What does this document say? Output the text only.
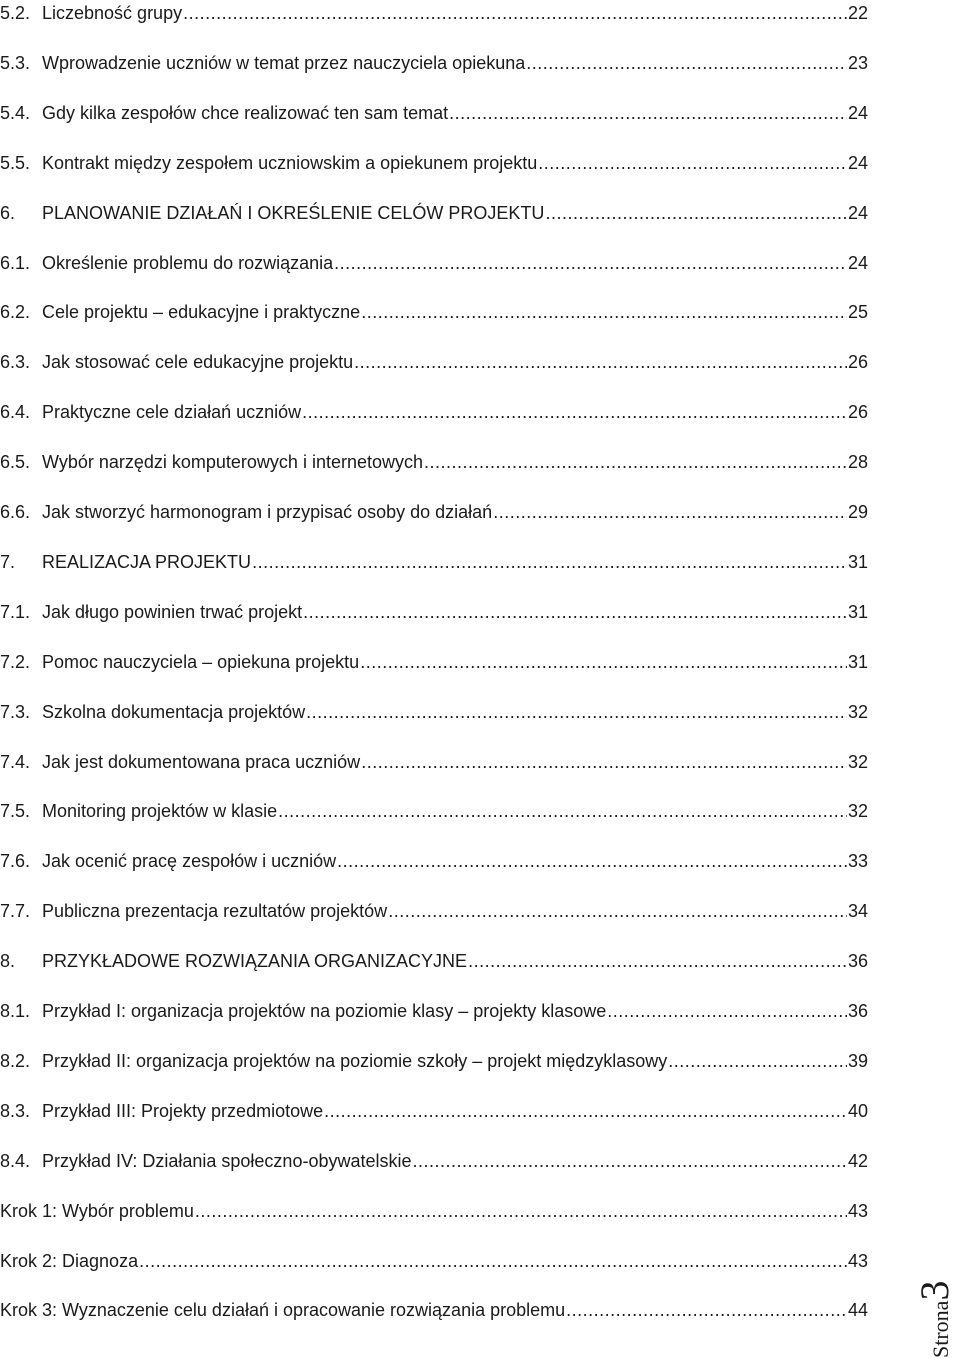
5.2. Liczebność grupy .....	22
5.3. Wprowadzenie uczniów w temat przez nauczyciela opiekuna .....	23
5.4. Gdy kilka zespołów chce realizować ten sam temat .....	24
5.5. Kontrakt między zespołem uczniowskim a opiekunem projektu .....	24
6.	PLANOWANIE DZIAŁAŃ I OKREŚLENIE CELÓW PROJEKTU .....	24
6.1. Określenie problemu do rozwiązania .....	24
6.2. Cele projektu – edukacyjne i praktyczne .....	25
6.3. Jak stosować cele edukacyjne projektu .....	26
6.4. Praktyczne cele działań uczniów .....	26
6.5. Wybór narzędzi komputerowych i internetowych .....	28
6.6. Jak stworzyć harmonogram i przypisać osoby do działań .....	29
7.	REALIZACJA PROJEKTU .....	31
7.1. Jak długo powinien trwać projekt .....	31
7.2. Pomoc nauczyciela – opiekuna projektu .....	31
7.3. Szkolna dokumentacja projektów .....	32
7.4. Jak jest dokumentowana praca uczniów .....	32
7.5. Monitoring projektów w klasie .....	32
7.6. Jak ocenić pracę zespołów i uczniów .....	33
7.7. Publiczna prezentacja rezultatów projektów .....	34
8.	PRZYKŁADOWE ROZWIĄZANIA ORGANIZACYJNE .....	36
8.1. Przykład I: organizacja projektów na poziomie klasy – projekty klasowe .....	36
8.2. Przykład II: organizacja projektów na poziomie szkoły – projekt międzyklasowy .....	39
8.3. Przykład III: Projekty przedmiotowe .....	40
8.4. Przykład IV: Działania społeczno-obywatelskie .....	42
Krok 1: Wybór problemu .....	43
Krok 2: Diagnoza .....	43
Krok 3: Wyznaczenie celu działań i opracowanie rozwiązania problemu .....	44	Strona3
